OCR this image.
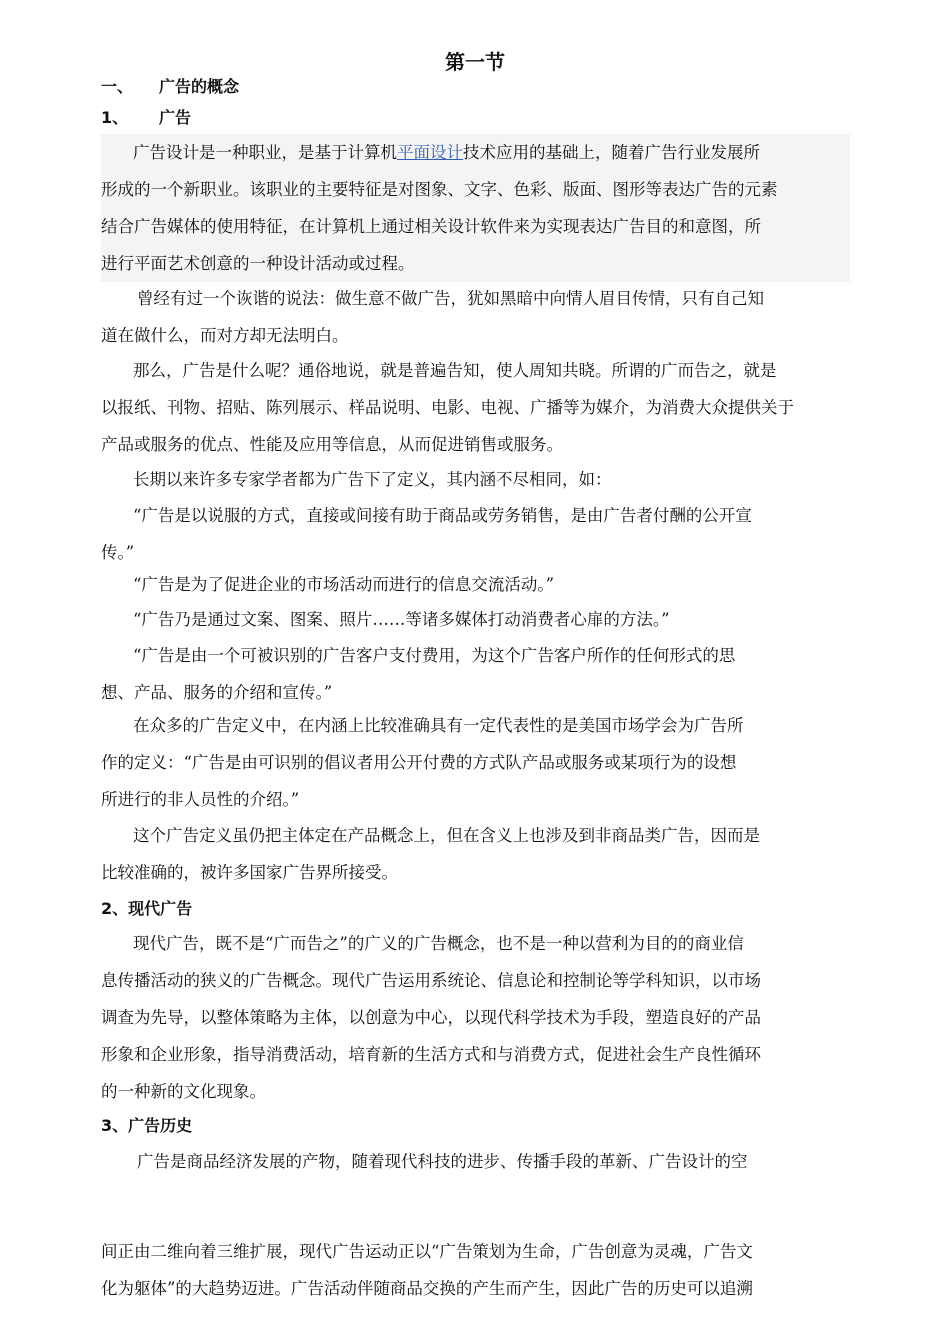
第一节
一、 广告的概念
1、 广告
广告设计是一种职业，是基于计算机平面设计技术应用的基础上，随着广告行业发展所
形成的一个新职业。该职业的主要特征是对图象、文字、色彩、版面、图形等表达广告的元素
结合广告媒体的使用特征，在计算机上通过相关设计软件来为实现表达广告目的和意图，所
进行平面艺术创意的一种设计活动或过程。
曾经有过一个诙谐的说法：做生意不做广告，犹如黑暗中向情人眉目传情，只有自己知
道在做什么，而对方却无法明白。
那么，广告是什么呢？通俗地说，就是普遍告知，使人周知共晓。所谓的广而告之，就是
以报纸、刊物、招贴、陈列展示、样品说明、电影、电视、广播等为媒介，为消费大众提供关于
产品或服务的优点、性能及应用等信息，从而促进销售或服务。
长期以来许多专家学者都为广告下了定义，其内涵不尽相同，如：
“广告是以说服的方式，直接或间接有助于商品或劳务销售，是由广告者付酬的公开宣
传。”
“广告是为了促进企业的市场活动而进行的信息交流活动。”
“广告乃是通过文案、图案、照片……等诸多媒体打动消费者心扉的方法。”
“广告是由一个可被识别的广告客户支付费用，为这个广告客户所作的任何形式的思
想、产品、服务的介绍和宣传。”
在众多的广告定义中，在内涵上比较准确具有一定代表性的是美国市场学会为广告所
作的定义：“广告是由可识别的倡议者用公开付费的方式队产品或服务或某项行为的设想
所进行的非人员性的介绍。”
这个广告定义虽仍把主体定在产品概念上，但在含义上也涉及到非商品类广告，因而是
比较准确的，被许多国家广告界所接受。
2、现代广告
现代广告，既不是“广而告之”的广义的广告概念，也不是一种以营利为目的的商业信
息传播活动的狭义的广告概念。现代广告运用系统论、信息论和控制论等学科知识，以市场
调查为先导，以整体策略为主体，以创意为中心，以现代科学技术为手段，塑造良好的产品
形象和企业形象，指导消费活动，培育新的生活方式和与消费方式，促进社会生产良性循环
的一种新的文化现象。
3、广告历史
广告是商品经济发展的产物，随着现代科技的进步、传播手段的革新、广告设计的空
间正由二维向着三维扩展，现代广告运动正以“广告策划为生命，广告创意为灵魂，广告文
化为躯体”的大趋势迈进。广告活动伴随商品交换的产生而产生，因此广告的历史可以追溯
